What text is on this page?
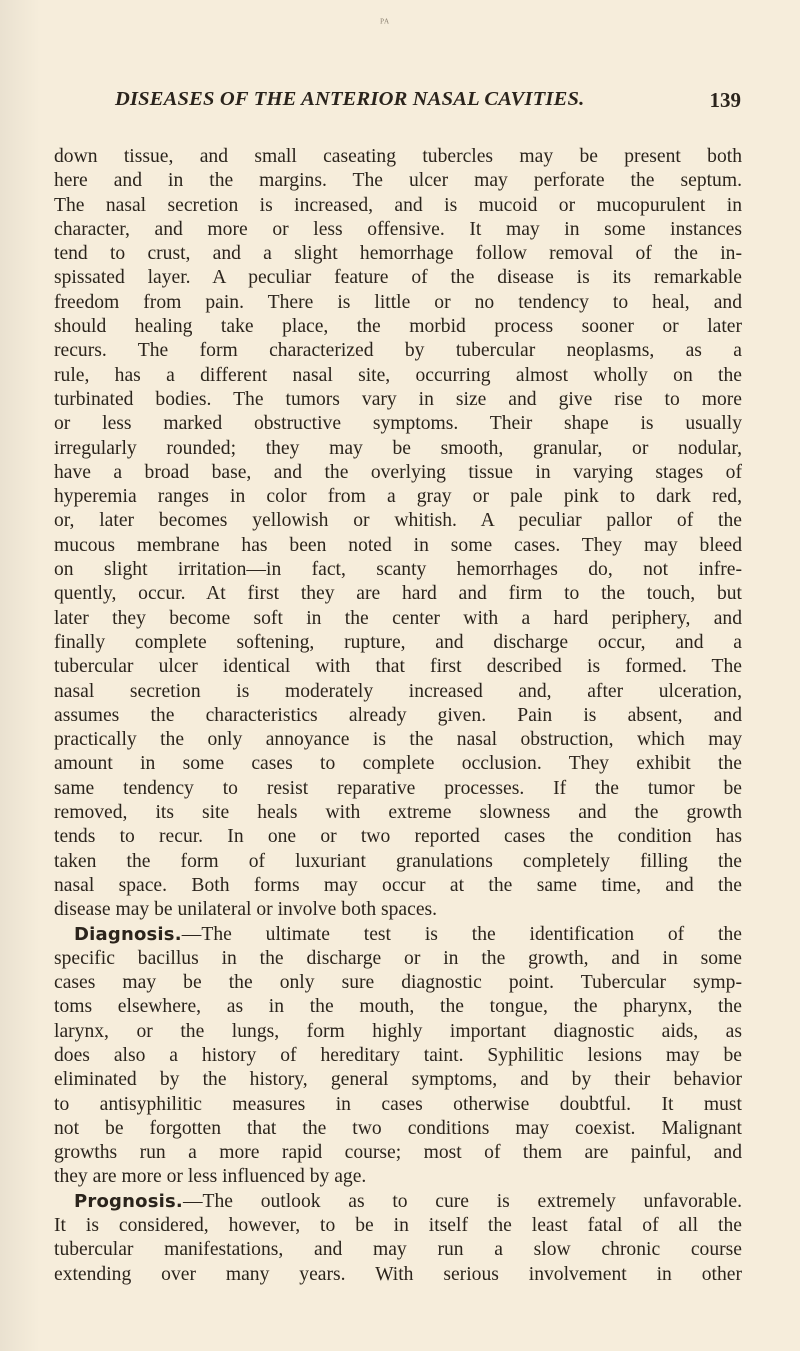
ᴾᴬ
DISEASES OF THE ANTERIOR NASAL CAVITIES.	139
down tissue, and small caseating tubercles may be present both
here and in the margins. The ulcer may perforate the septum.
The nasal secretion is increased, and is mucoid or mucopurulent in
character, and more or less offensive. It may in some instances
tend to crust, and a slight hemorrhage follow removal of the in-
spissated layer. A peculiar feature of the disease is its remarkable
freedom from pain. There is little or no tendency to heal, and
should healing take place, the morbid process sooner or later
recurs. The form characterized by tubercular neoplasms, as a
rule, has a different nasal site, occurring almost wholly on the
turbinated bodies. The tumors vary in size and give rise to more
or less marked obstructive symptoms. Their shape is usually
irregularly rounded; they may be smooth, granular, or nodular,
have a broad base, and the overlying tissue in varying stages of
hyperemia ranges in color from a gray or pale pink to dark red,
or, later becomes yellowish or whitish. A peculiar pallor of the
mucous membrane has been noted in some cases. They may bleed
on slight irritation—in fact, scanty hemorrhages do, not infre-
quently, occur. At first they are hard and firm to the touch, but
later they become soft in the center with a hard periphery, and
finally complete softening, rupture, and discharge occur, and a
tubercular ulcer identical with that first described is formed. The
nasal secretion is moderately increased and, after ulceration,
assumes the characteristics already given. Pain is absent, and
practically the only annoyance is the nasal obstruction, which may
amount in some cases to complete occlusion. They exhibit the
same tendency to resist reparative processes. If the tumor be
removed, its site heals with extreme slowness and the growth
tends to recur. In one or two reported cases the condition has
taken the form of luxuriant granulations completely filling the
nasal space. Both forms may occur at the same time, and the
disease may be unilateral or involve both spaces.
Diagnosis.—The ultimate test is the identification of the
specific bacillus in the discharge or in the growth, and in some
cases may be the only sure diagnostic point. Tubercular symp-
toms elsewhere, as in the mouth, the tongue, the pharynx, the
larynx, or the lungs, form highly important diagnostic aids, as
does also a history of hereditary taint. Syphilitic lesions may be
eliminated by the history, general symptoms, and by their behavior
to antisyphilitic measures in cases otherwise doubtful. It must
not be forgotten that the two conditions may coexist. Malignant
growths run a more rapid course; most of them are painful, and
they are more or less influenced by age.
Prognosis.—The outlook as to cure is extremely unfavorable.
It is considered, however, to be in itself the least fatal of all the
tubercular manifestations, and may run a slow chronic course
extending over many years. With serious involvement in other
